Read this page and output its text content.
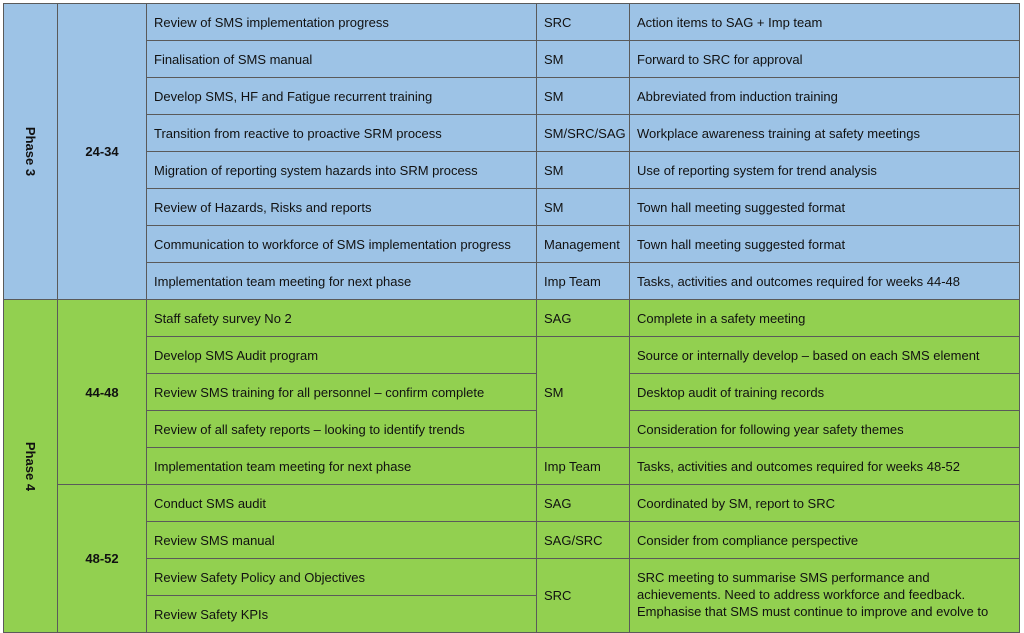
Phase 3	24-34	Review of SMS implementation progress	SRC	Action items to SAG + Imp team
		Finalisation of SMS manual	SM	Forward to SRC for approval
		Develop SMS, HF and Fatigue recurrent training	SM	Abbreviated from induction training
		Transition from reactive to proactive SRM process	SM/SRC/SAG	Workplace awareness training at safety meetings
		Migration of reporting system hazards into SRM process	SM	Use of reporting system for trend analysis
		Review of Hazards, Risks and reports	SM	Town hall meeting suggested format
		Communication to workforce of SMS implementation progress	Management	Town hall meeting suggested format
		Implementation team meeting for next phase	Imp Team	Tasks, activities and outcomes required for weeks 44-48
Phase 4	44-48	Staff safety survey No 2	SAG	Complete in a safety meeting
		Develop SMS Audit program	SM	Source or internally develop – based on each SMS element
		Review SMS training for all personnel – confirm complete		Desktop audit of training records
		Review of all safety reports – looking to identify trends		Consideration for following year safety themes
		Implementation team meeting for next phase	Imp Team	Tasks, activities and outcomes required for weeks 48-52
	48-52	Conduct SMS audit	SAG	Coordinated by SM, report to SRC
		Review SMS manual	SAG/SRC	Consider from compliance perspective
		Review Safety Policy and Objectives	SRC	SRC meeting to summarise SMS performance and achievements. Need to address workforce and feedback. Emphasise that SMS must continue to improve and evolve to
		Review Safety KPIs		
